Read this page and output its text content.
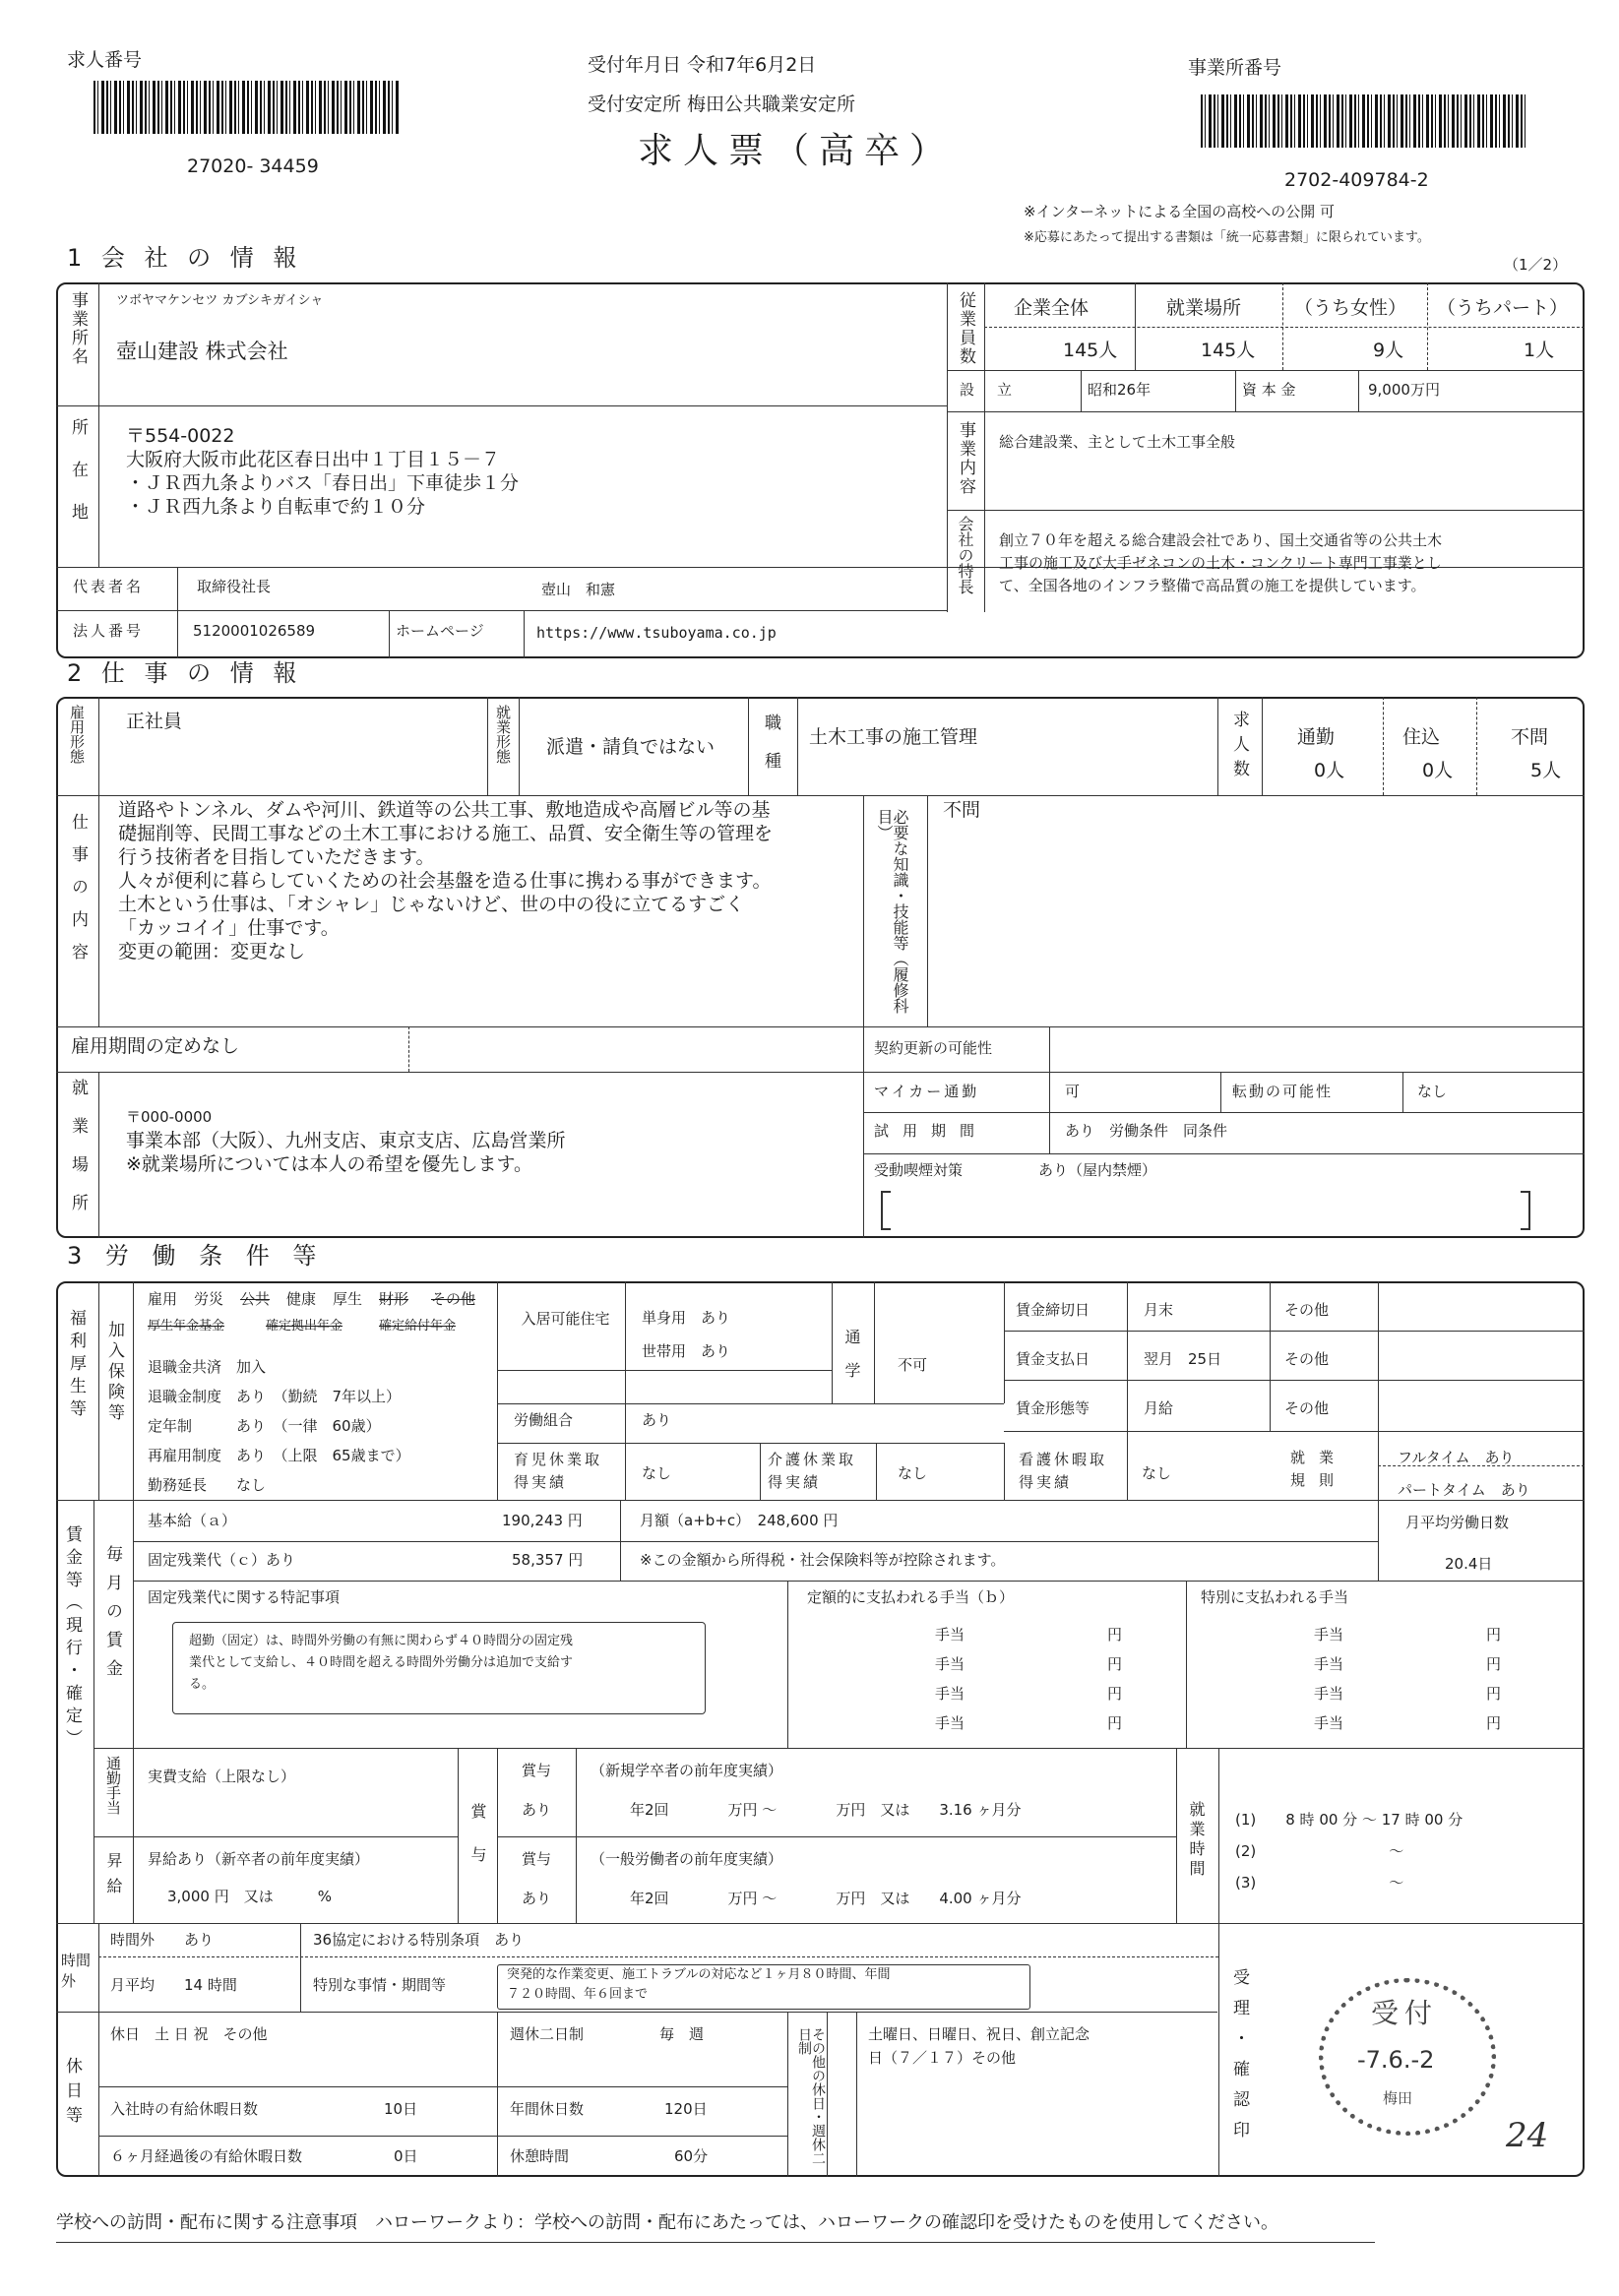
求人番号
27020- 34459
受付年月日 令和7年6月2日
受付安定所 梅田公共職業安定所
求人票（高卒）
事業所番号
2702-409784-2
※インターネットによる全国の高校への公開 可
※応募にあたって提出する書類は「統一応募書類」に限られています。
1 会 社 の 情 報	（1／2）
事業所名 ツボヤマケンセツ カブシキガイシャ
壺山建設 株式会社	従業員数 企業全体	就業場所	（うち女性） （うちパート）
145人	145人	9人	1人
設　立	昭和26年	資 本 金	9,000万円
所在地 〒554-0022
大阪府大阪市此花区春日出中１丁目１５－７
・ＪＲ西九条よりバス「春日出」下車徒歩１分
・ＪＲ西九条より自転車で約１０分
事業内容 総合建設業、主として土木工事全般
会社の特長 創立７０年を超える総合建設会社であり、国土交通省等の公共土木
工事の施工及び大手ゼネコンの土木・コンクリート専門工事業とし
て、全国各地のインフラ整備で高品質の施工を提供しています。
代表者名	取締役社長	壺山　和憲
法人番号	5120001026589	ホームページ	https://www.tsuboyama.co.jp
2 仕 事 の 情 報
雇用形態 正社員	就業形態 派遣・請負ではない	職種 土木工事の施工管理	求人数	通勤	住込	不問
0人	0人	5人
仕事の内容
道路やトンネル、ダムや河川、鉄道等の公共工事、敷地造成や高層ビル等の基
礎掘削等、民間工事などの土木工事における施工、品質、安全衛生等の管理を
行う技術者を目指していただきます。
人々が便利に暮らしていくための社会基盤を造る仕事に携わる事ができます。
土木という仕事は、「オシャレ」じゃないけど、世の中の役に立てるすごく
「カッコイイ」仕事です。
変更の範囲：変更なし	必要な知識・技能等（履修科目）	不問
雇用期間の定めなし	契約更新の可能性
マイカー通勤	可	転動の可能性	なし
試用期間	あり　労働条件　同条件
受動喫煙対策	あり（屋内禁煙）
就業場所	〒000-0000
事業本部（大阪）、九州支店、東京支店、広島営業所
※就業場所については本人の希望を優先します。
3 労 働 条 件 等
福利厚生等 加入保険等
雇用 労災 公共 健康 厚生 財形 その他
厚生年金基金	確定拠出年金	確定給付年金
退職金共済　加入
退職金制度　あり　（勤続　7年以上）
定年制　　　あり　（一律　60歳）
再雇用制度　あり　（上限　65歳まで）
勤務延長　　なし
入居可能住宅	単身用　あり
世帯用　あり	通学 不可
労働組合	あり
育児休業取得実績
なし
介護休業取得実績
なし
看護休暇取得実績
なし
賃金締切日	月末	その他
賃金支払日	翌月　25日	その他
賃金形態等	月給	その他
就業規則
フルタイム　あり
パートタイム　あり
賃金等（現行・確定） 毎月の賃金
基本給（ａ）	190,243 円
固定残業代（ｃ）あり	58,357 円
月額（a+b+c）　248,600 円
※この金額から所得税・社会保険料等が控除されます。
月平均労働日数
20.4日
固定残業代に関する特記事項
超勤（固定）は、時間外労働の有無に関わらず４０時間分の固定残
業代として支給し、４０時間を超える時間外労働分は追加で支給す
る。
定額的に支払われる手当（ｂ）
手当	円
手当	円
手当	円
手当	円
特別に支払われる手当
手当	円
手当	円
手当	円
手当	円
通勤手当 実費支給（上限なし）
昇給 昇給あり（新卒者の前年度実績）
3,000 円　又は　　　%
賞与
賞与
あり
（新規学卒者の前年度実績）
年2回　　　　万円 ～　　　　万円　又は　　3.16 ヶ月分
賞与
あり
（一般労働者の前年度実績）
年2回　　　　万円 ～　　　　万円　又は　　4.00 ヶ月分
就業時間 (1)　　8 時 00 分 ～ 17 時 00 分
(2)　　　　　　　　　～
(3)　　　　　　　　　～
時間外
時間外　　あり	36協定における特別条項　あり
月平均　　14 時間	特別な事情・期間等
突発的な作業変更、施工トラブルの対応など１ヶ月８０時間、年間
７２０時間、年６回まで
休日等
休日　土 日 祝　その他	週休二日制	毎　週
入社時の有給休暇日数	10日	年間休日数	120日
６ヶ月経過後の有給休暇日数	0日	休憩時間	60分	その他の休日・週休二日制	土曜日、日曜日、祝日、創立記念
日（７／１７）その他	受理・確認印	受付
-7.6.-2
梅田
24
学校への訪問・配布に関する注意事項　ハローワークより：学校への訪問・配布にあたっては、ハローワークの確認印を受けたものを使用してください。
